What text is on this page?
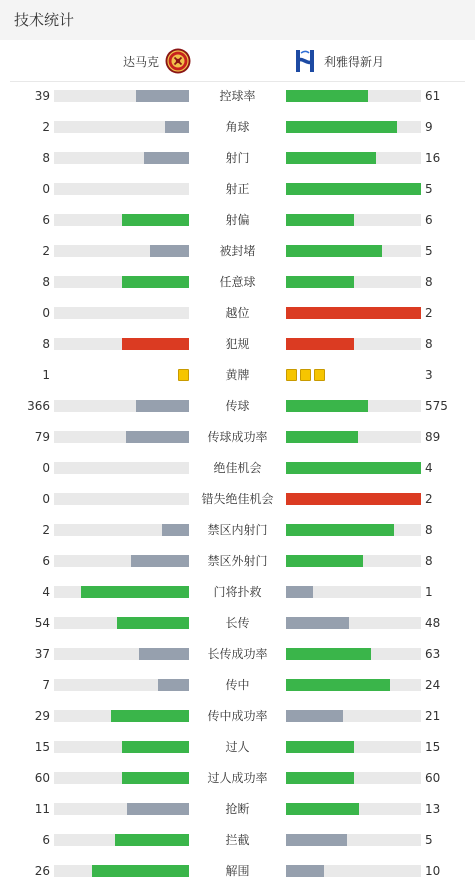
技术统计
达马克	利雅得新月
39	控球率	61
2	角球	9
8	射门	16
0	射正	5
6	射偏	6
2	被封堵	5
8	任意球	8
0	越位	2
8	犯规	8
1	黄牌	3
366	传球	575
79	传球成功率	89
0	绝佳机会	4
0	错失绝佳机会	2
2	禁区内射门	8
6	禁区外射门	8
4	门将扑救	1
54	长传	48
37	长传成功率	63
7	传中	24
29	传中成功率	21
15	过人	15
60	过人成功率	60
11	抢断	13
6	拦截	5
26	解围	10
